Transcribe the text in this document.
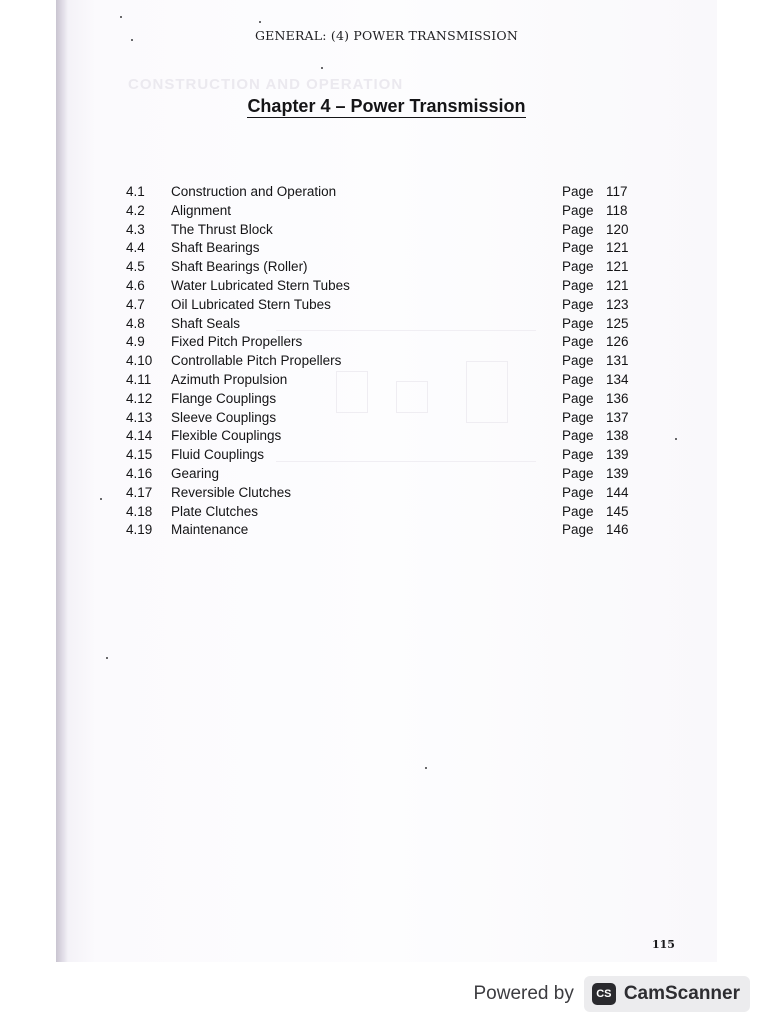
CONSTRUCTION AND OPERATION
GENERAL: (4) POWER TRANSMISSION
Chapter 4 – Power Transmission
4.1 Construction and Operation	Page 117
4.2 Alignment	Page 118
4.3 The Thrust Block	Page 120
4.4 Shaft Bearings	Page 121
4.5 Shaft Bearings (Roller)	Page 121
4.6 Water Lubricated Stern Tubes	Page 121
4.7 Oil Lubricated Stern Tubes	Page 123
4.8 Shaft Seals	Page 125
4.9 Fixed Pitch Propellers	Page 126
4.10 Controllable Pitch Propellers	Page 131
4.11 Azimuth Propulsion	Page 134
4.12 Flange Couplings	Page 136
4.13 Sleeve Couplings	Page 137
4.14 Flexible Couplings	Page 138
4.15 Fluid Couplings	Page 139
4.16 Gearing	Page 139
4.17 Reversible Clutches	Page 144
4.18 Plate Clutches	Page 145
4.19 Maintenance	Page 146
115
Powered by	CS CamScanner
